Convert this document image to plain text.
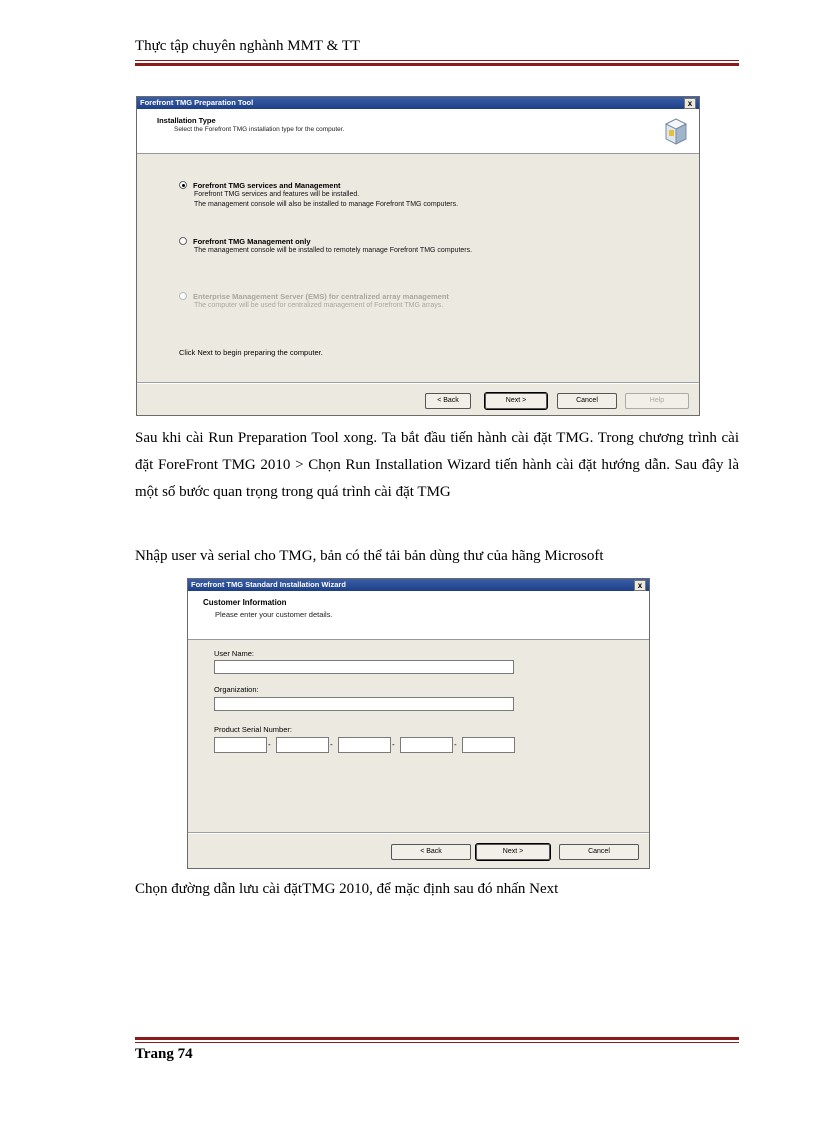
Thực tập chuyên nghành MMT & TT
Forefront TMG Preparation Tool	x
Installation Type
Select the Forefront TMG installation type for the computer.
Forefront TMG services and Management
Forefront TMG services and features will be installed.
The management console will also be installed to manage Forefront TMG computers.
Forefront TMG Management only
The management console will be installed to remotely manage Forefront TMG computers.
Enterprise Management Server (EMS) for centralized array management
The computer will be used for centralized management of Forefront TMG arrays.
Click Next to begin preparing the computer.
< Back	Next >	Cancel	Help
Sau khi cài Run Preparation Tool xong. Ta bắt đầu tiến hành cài đặt TMG. Trong chương trình cài đặt ForeFront TMG 2010 > Chọn Run Installation Wizard tiến hành cài đặt hướng dẫn. Sau đây là một số bước quan trọng trong quá trình cài đặt TMG
Nhập user và serial cho TMG, bản có thể tải bản dùng thư của hãng Microsoft
Forefront TMG Standard Installation Wizard	x
Customer Information
Please enter your customer details.
User Name:
Organization:
Product Serial Number:
-	-	-	-
< Back	Next >	Cancel
Chọn đường dẫn lưu cài đặtTMG 2010, để mặc định sau đó nhấn Next
Trang 74
